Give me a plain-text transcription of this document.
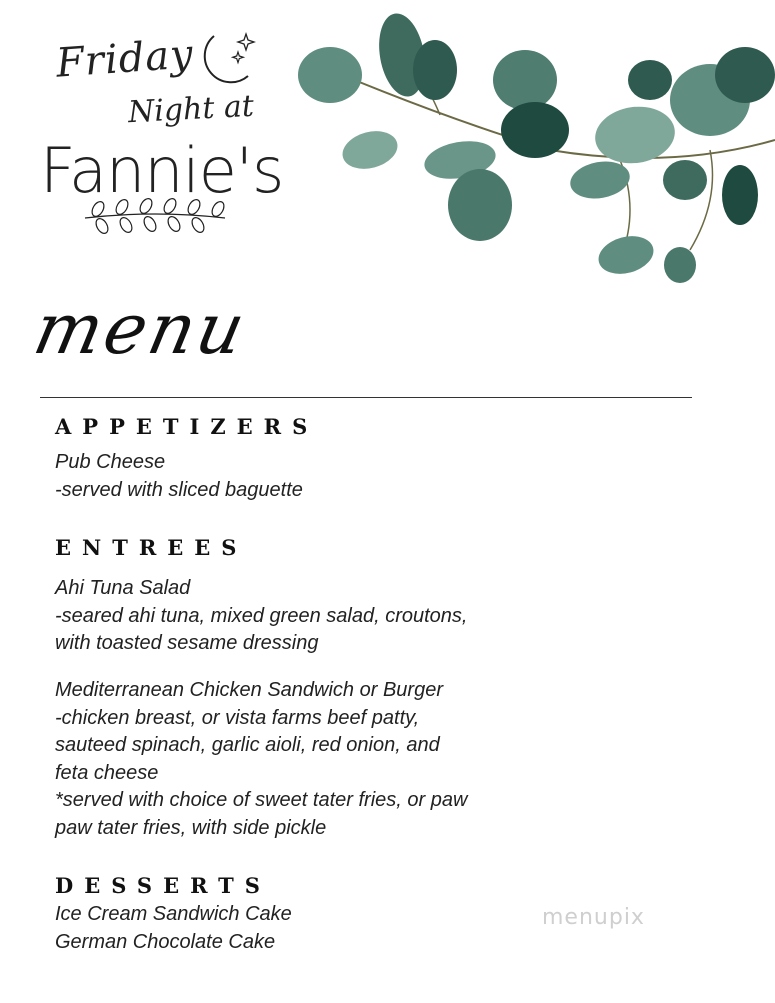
Friday
Night at
Fannie's
menu
APPETIZERS
Pub Cheese
-served with sliced baguette
ENTREES
Ahi Tuna Salad
-seared ahi tuna, mixed green salad, croutons,
with toasted sesame dressing
Mediterranean Chicken Sandwich or Burger
-chicken breast, or vista farms beef patty,
sauteed spinach, garlic aioli, red onion, and
feta cheese
*served with choice of sweet tater fries, or paw
paw tater fries, with side pickle
DESSERTS
Ice Cream Sandwich Cake
German Chocolate Cake
menupix
